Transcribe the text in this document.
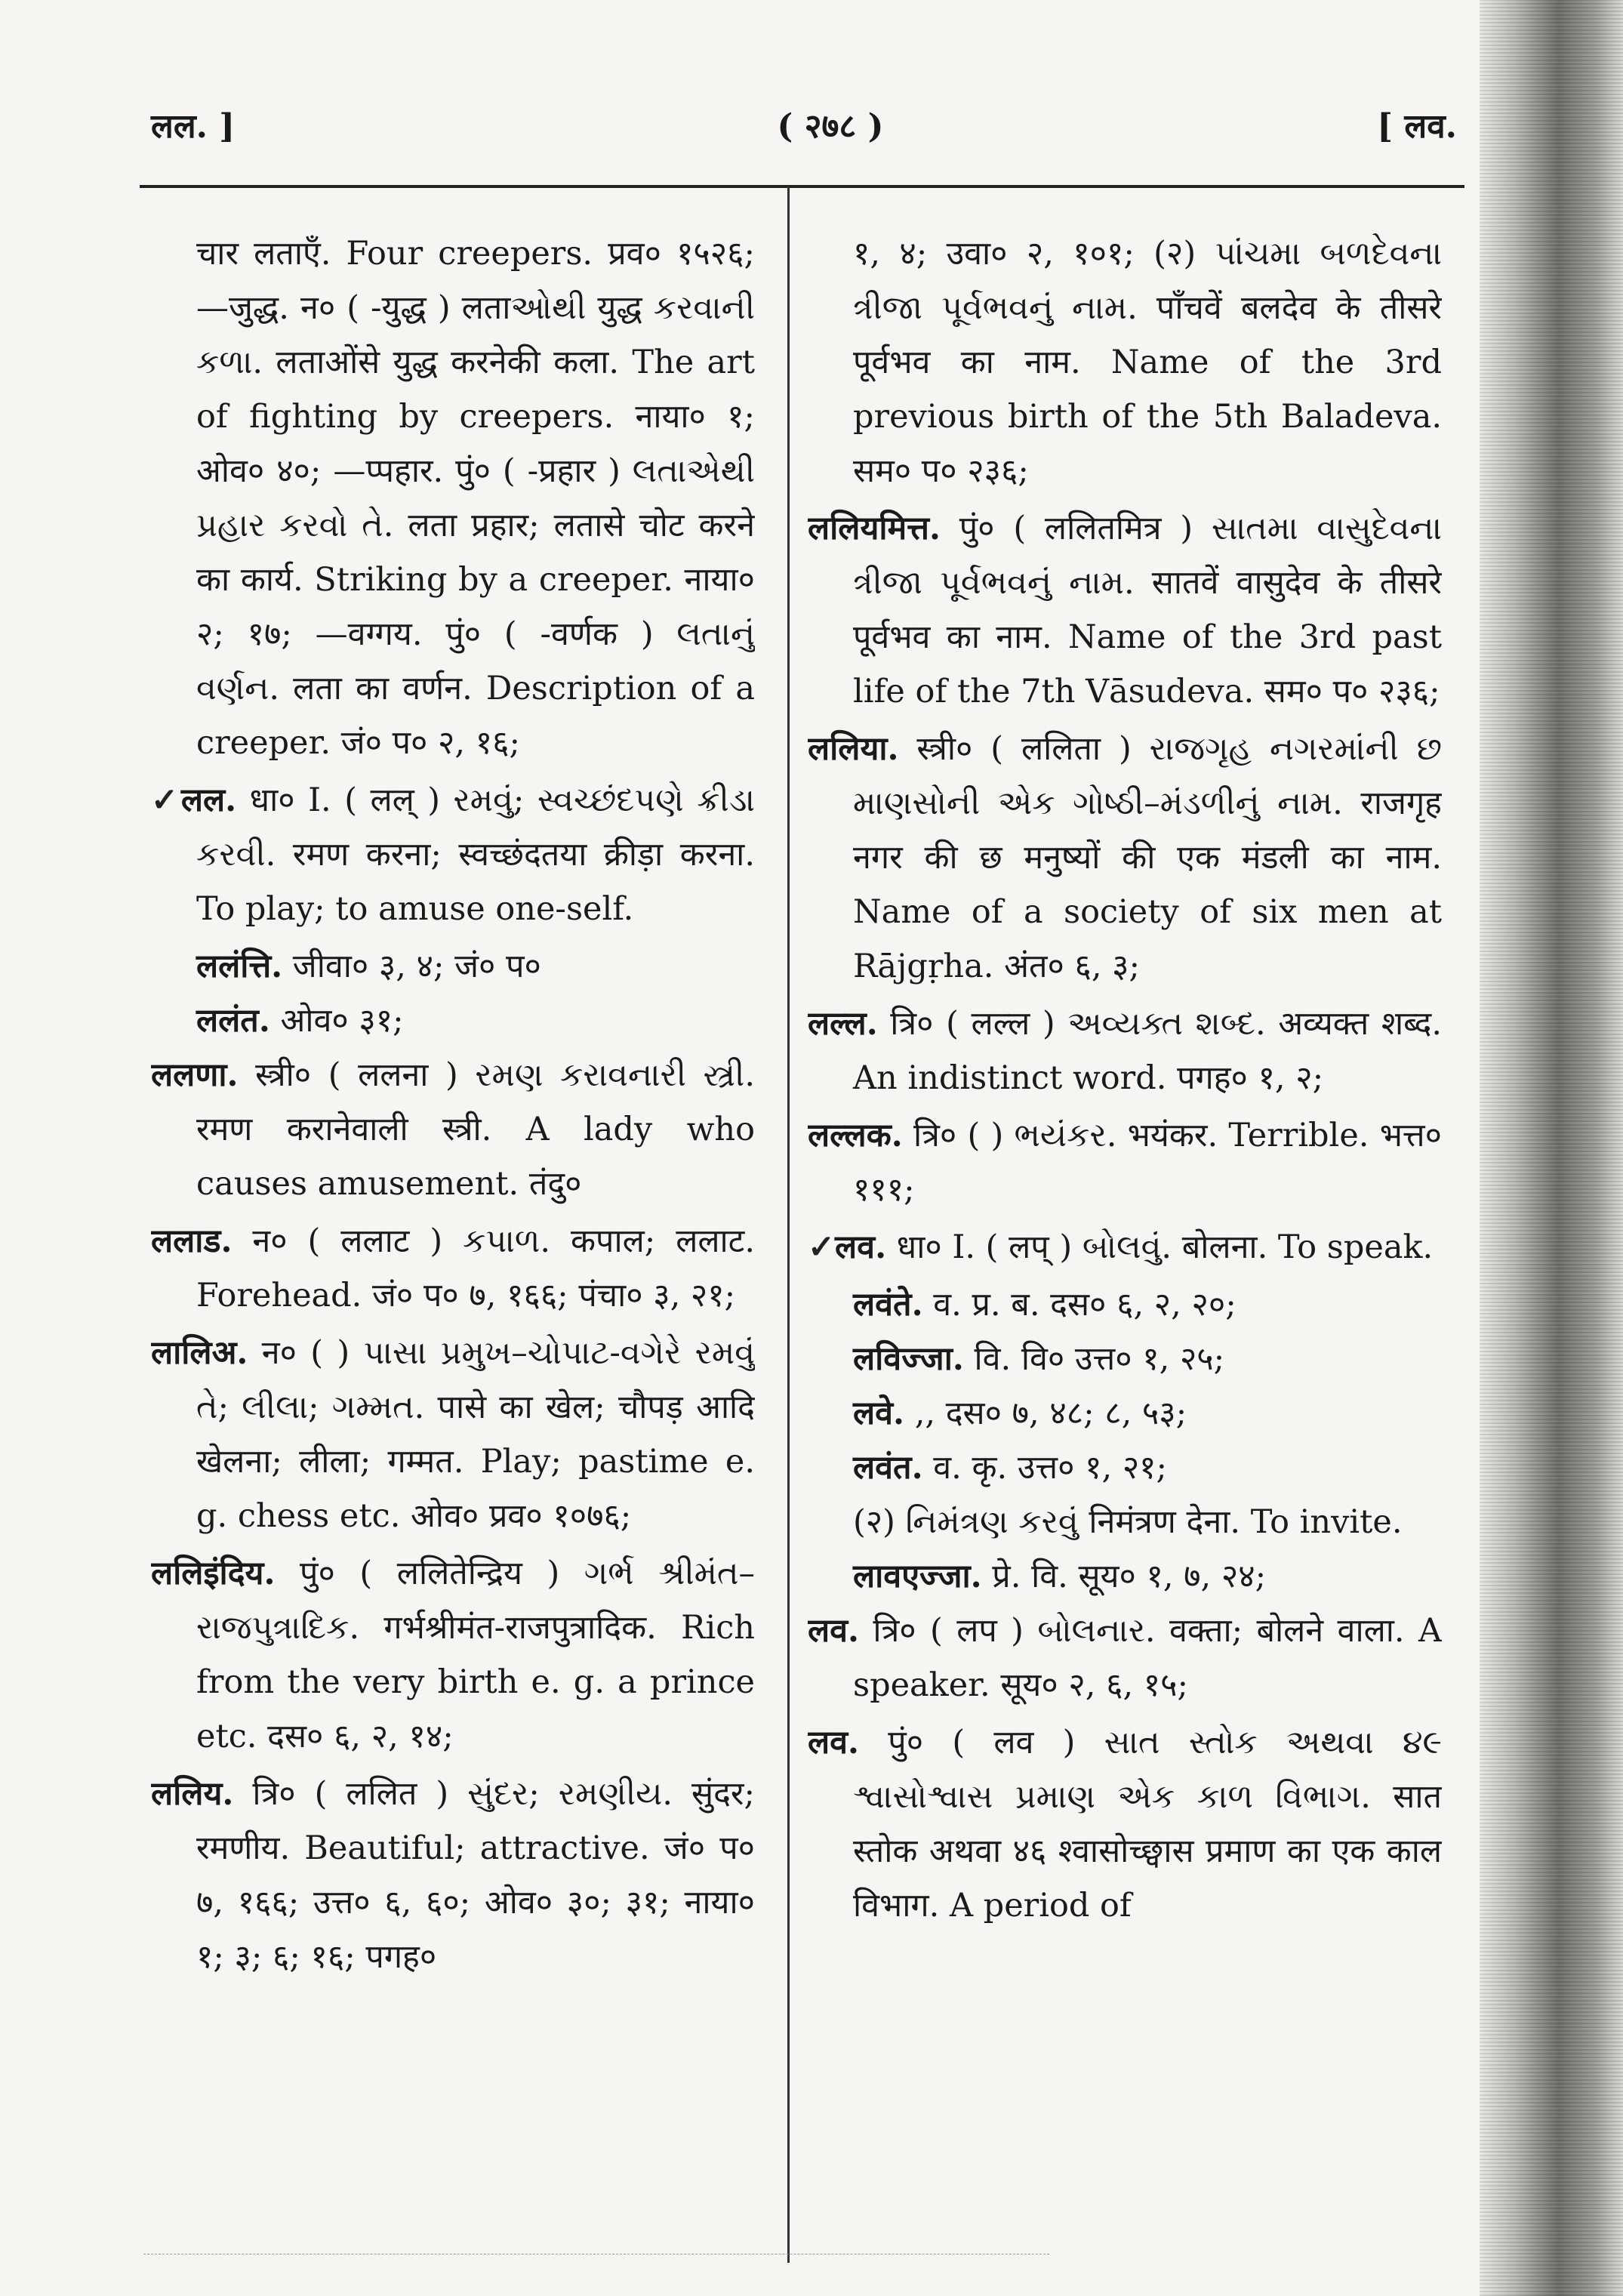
लल. ]	( २७८ )	[ लव.

चार लताएँ. Four creepers. प्रव० १५२६; —जुद्ध. न० ( -युद्ध ) लताઓથી युद्ध કરવાની કળા. लताओंसे युद्ध करनेकी कला. The art of fighting by creepers. नाया० १; ओव० ४०; —प्पहार. पुं० ( -प्रहार ) લતાએથી પ્રહાર કરવો તે. लता प्रहार; लतासे चोट करने का कार्य. Striking by a creeper. नाया० २; १७; —वग्गय. पुं० ( -वर्णक ) લતાનું વર્ણન. लता का वर्णन. Description of a creeper. जं० प० २, १६;

✓लल. धा० I. ( लल् ) રમવું; સ્વચ્છંદપણે ક્રીડા કરવી. रमण करना; स्वच्छंदतया क्रीड़ा करना. To play; to amuse one-self.

ललंत्ति. जीवा० ३, ४; जं० प०

ललंत. ओव० ३१;

ललणा. स्त्री० ( ललना ) રમણ કરાવનારી સ્ત્રી. रमण करानेवाली स्त्री. A lady who causes amusement. तंदु०

ललाड. न० ( ललाट ) કપાળ. कपाल; ललाट. Forehead. जं० प० ७, १६६; पंचा० ३, २१;

लालिअ. न० ( ) પાસા પ્રમુખ–ચોપાટ-વગેરે રમવું તે; લીલા; ગમ્મત. पासे का खेल; चौपड़ आदि खेलना; लीला; गम्मत. Play; pastime e. g. chess etc. ओव० प्रव० १०७६;

ललिइंदिय. पुं० ( ललितेन्द्रिय ) ગર્ભ શ્રીમંત–રાજપુત્રાદિક. गर्भश्रीमंत-राजपुत्रादिक. Rich from the very birth e. g. a prince etc. दस० ६, २, १४;

ललिय. त्रि० ( ललित ) સુંદર; રમણીય. सुंदर; रमणीय. Beautiful; attractive. जं० प० ७, १६६; उत्त० ६, ६०; ओव० ३०; ३१; नाया० १; ३; ६; १६; पगह०

१, ४; उवा० २, १०१; (२) પાંચમા બળદેવના ત્રીજા પૂર્વભવનું નામ. पाँचवें बलदेव के तीसरे पूर्वभव का नाम. Name of the 3rd previous birth of the 5th Baladeva. सम० प० २३६;

ललियमित्त. पुं० ( ललितमित्र ) સાતમા વાસુદેવના ત્રીજા પૂર્વભવનું નામ. सातवें वासुदेव के तीसरे पूर्वभव का नाम. Name of the 3rd past life of the 7th Vāsudeva. सम० प० २३६;

ललिया. स्त्री० ( ललिता ) રાજગૃહ નગરમાંની છ માણસોની એક ગોષ્ઠી–મંડળીનું નામ. राजगृह नगर की छ मनुष्यों की एक मंडली का नाम. Name of a society of six men at Rājgṛha. अंत० ६, ३;

लल्ल. त्रि० ( लल्ल ) અવ્યક્ત શબ્દ. अव्यक्त शब्द. An indistinct word. पगह० १, २;

लल्लक. त्रि० ( ) ભયંકર. भयंकर. Terrible. भत्त० १११;

✓लव. धा० I. ( लप् ) બોલવું. बोलना. To speak.

लवंते. व. प्र. ब. दस० ६, २, २०;

लविज्जा. वि. वि० उत्त० १, २५;

लवे. ,, दस० ७, ४८; ८, ५३;

लवंत. व. कृ. उत्त० १, २१;

(२) નિમંત્રણ કરવું निमंत्रण देना. To invite.

लावएज्जा. प्रे. वि. सूय० १, ७, २४;

लव. त्रि० ( लप ) બોલનાર. वक्ता; बोलने वाला. A speaker. सूय० २, ६, १५;

लव. पुं० ( लव ) સાત સ્તોક અથવા ૪૯ શ્વાસોશ્વાસ પ્રમાણ એક કાળ વિભાગ. सात स्तोक अथवा ४६ श्वासोच्छ्वास प्रमाण का एक काल विभाग. A period of
